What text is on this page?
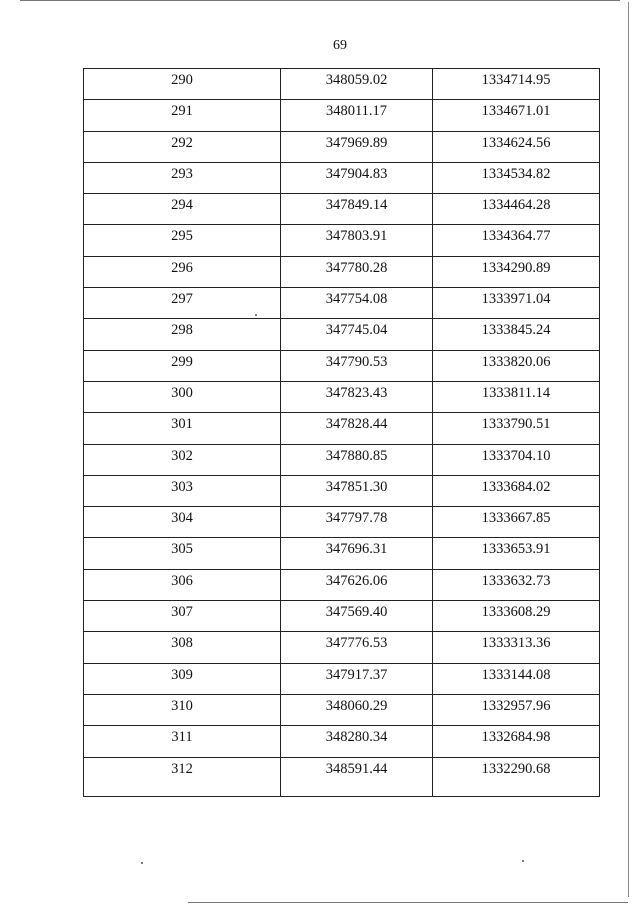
69
290	348059.02	1334714.95
291	348011.17	1334671.01
292	347969.89	1334624.56
293	347904.83	1334534.82
294	347849.14	1334464.28
295	347803.91	1334364.77
296	347780.28	1334290.89
297	347754.08	1333971.04
298	347745.04	1333845.24
299	347790.53	1333820.06
300	347823.43	1333811.14
301	347828.44	1333790.51
302	347880.85	1333704.10
303	347851.30	1333684.02
304	347797.78	1333667.85
305	347696.31	1333653.91
306	347626.06	1333632.73
307	347569.40	1333608.29
308	347776.53	1333313.36
309	347917.37	1333144.08
310	348060.29	1332957.96
311	348280.34	1332684.98
312	348591.44	1332290.68
